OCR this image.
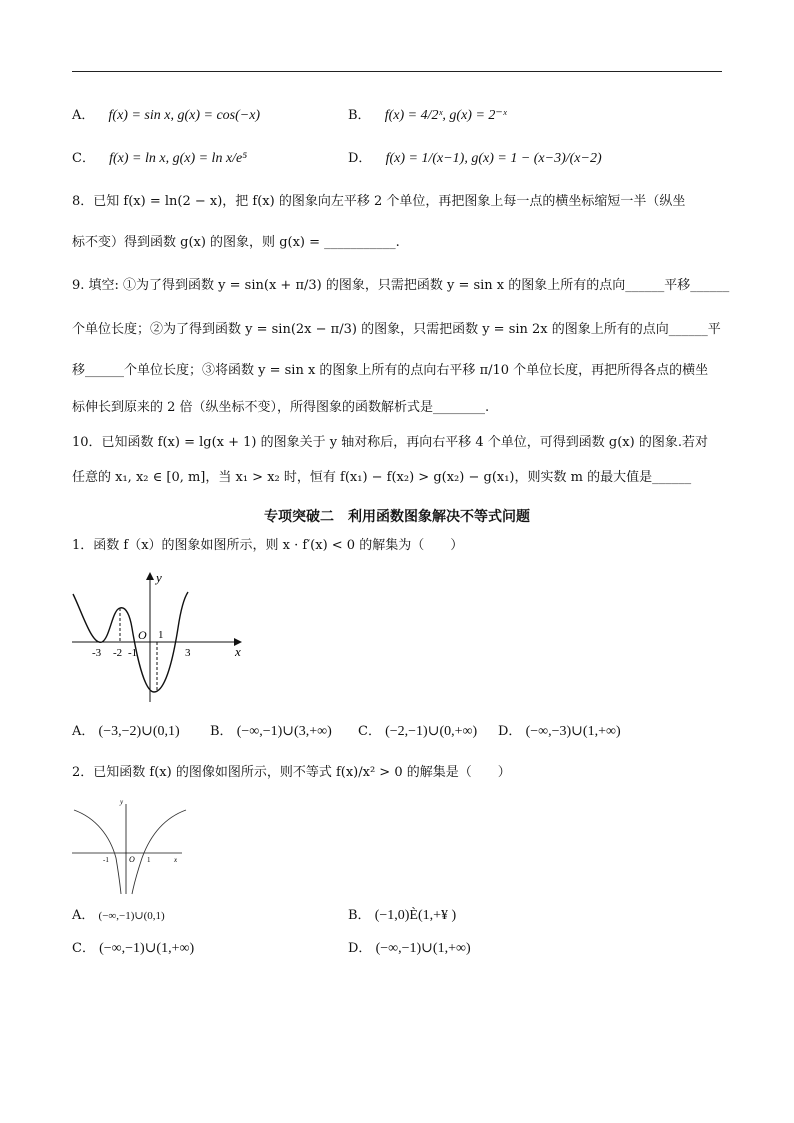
A． f(x) = sin x, g(x) = cos(−x)	B． f(x) = 4/2ˣ, g(x) = 2⁻ˣ
C． f(x) = ln x, g(x) = ln x/e⁵	D． f(x) = 1/(x−1), g(x) = 1 − (x−3)/(x−2)
8．已知 f(x) = ln(2 − x)，把 f(x) 的图象向左平移 2 个单位，再把图象上每一点的横坐标缩短一半（纵坐
标不变）得到函数 g(x) 的图象，则 g(x) = ___________.
9. 填空: ①为了得到函数 y = sin(x + π/3) 的图象，只需把函数 y = sin x 的图象上所有的点向______平移______
个单位长度；②为了得到函数 y = sin(2x − π/3) 的图象，只需把函数 y = sin 2x 的图象上所有的点向______平
移______个单位长度；③将函数 y = sin x 的图象上所有的点向右平移 π/10 个单位长度，再把所得各点的横坐
标伸长到原来的 2 倍（纵坐标不变），所得图象的函数解析式是________.
10．已知函数 f(x) = lg(x + 1) 的图象关于 y 轴对称后，再向右平移 4 个单位，可得到函数 g(x) 的图象.若对
任意的 x₁, x₂ ∈ [0, m]，当 x₁ > x₂ 时，恒有 f(x₁) − f(x₂) > g(x₂) − g(x₁)，则实数 m 的最大值是______
专项突破二　利用函数图象解决不等式问题
1．函数 f（x）的图象如图所示，则 x · f′(x) < 0 的解集为（　　）
y
x
O
-3 -2 -1
1
3
A． (−3,−2)∪(0,1) B． (−∞,−1)∪(3,+∞) C． (−2,−1)∪(0,+∞) D． (−∞,−3)∪(1,+∞)
2．已知函数 f(x) 的图像如图所示，则不等式 f(x)/x² > 0 的解集是（　　）
y
x
O
-1	1
A． (−∞,−1)∪(0,1)	B． (−1,0)È(1,+¥ )
C． (−∞,−1)∪(1,+∞)	D． (−∞,−1)∪(1,+∞)
